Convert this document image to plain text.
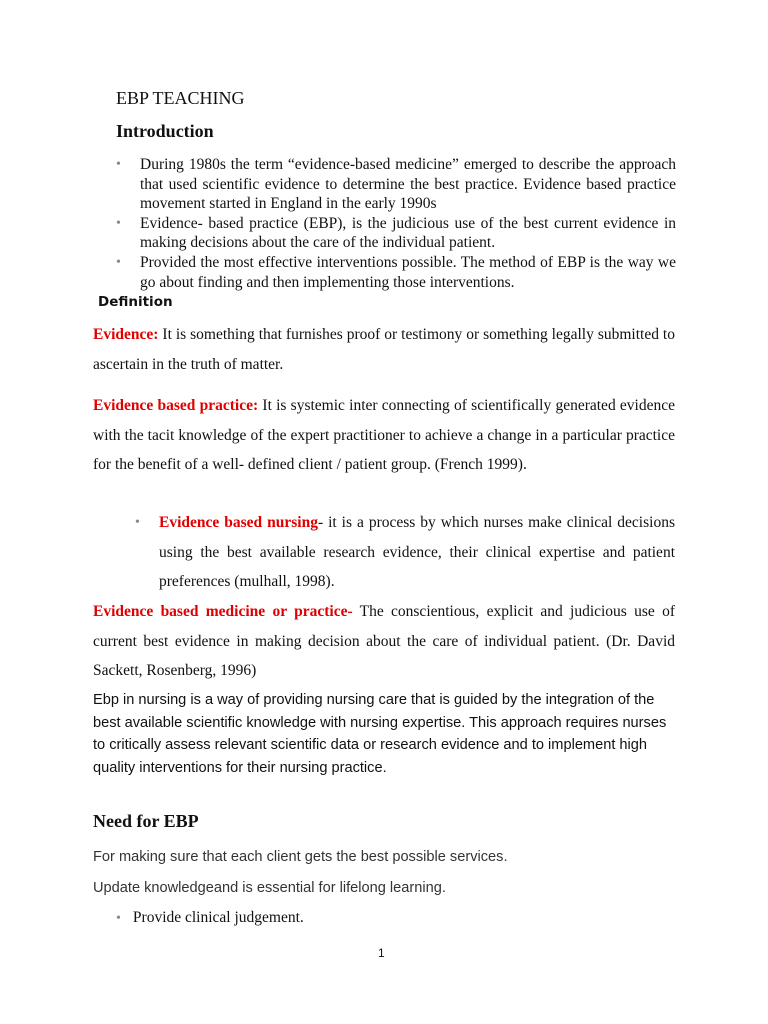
EBP TEACHING
Introduction
• During 1980s the term “evidence-based medicine” emerged to describe the approach that used scientific evidence to determine the best practice. Evidence based practice movement started in England in the early 1990s
• Evidence- based practice (EBP), is the judicious use of the best current evidence in making decisions about the care of the individual patient.
• Provided the most effective interventions possible. The method of EBP is the way we go about finding and then implementing those interventions.
Definition
Evidence: It is something that furnishes proof or testimony or something legally submitted to ascertain in the truth of matter.
Evidence based practice: It is systemic inter connecting of scientifically generated evidence with the tacit knowledge of the expert practitioner to achieve a change in a particular practice for the benefit of a well- defined client / patient group. (French 1999).
• Evidence based nursing- it is a process by which nurses make clinical decisions using the best available research evidence, their clinical expertise and patient preferences (mulhall, 1998).
Evidence based medicine or practice- The conscientious, explicit and judicious use of current best evidence in making decision about the care of individual patient. (Dr. David Sackett, Rosenberg, 1996)
Ebp in nursing is a way of providing nursing care that is guided by the integration of the best available scientific knowledge with nursing expertise. This approach requires nurses to critically assess relevant scientific data or research evidence and to implement high quality interventions for their nursing practice.
Need for EBP
For making sure that each client gets the best possible services.
Update knowledgeand is essential for lifelong learning.
• Provide clinical judgement.
1
